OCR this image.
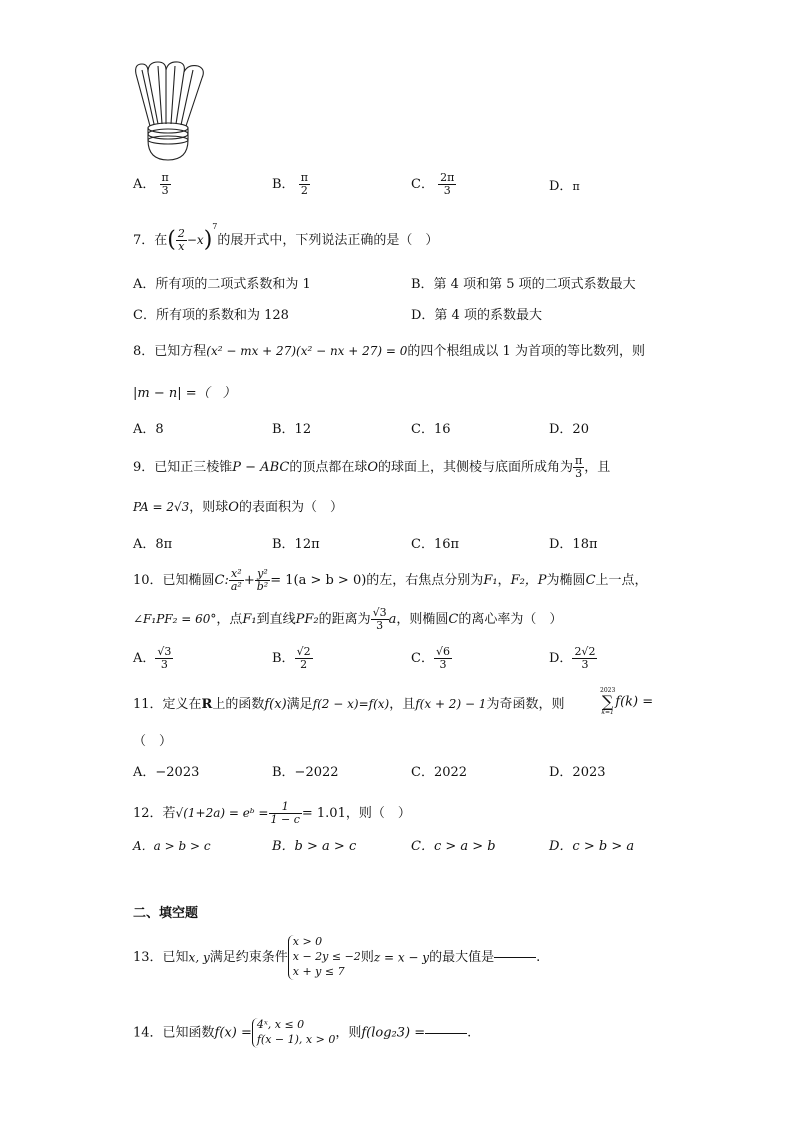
A． $\frac{\pi}{3}$	B． $\frac{\pi}{2}$	C． $\frac{2\pi}{3}$	D．π
7．在( $\frac{2}{x} -x)^7$的展开式中，下列说法正确的是（　）
A．所有项的二项式系数和为 1	B．第 4 项和第 5 项的二项式系数最大
C．所有项的系数和为 128	D．第 4 项的系数最大
8．已知方程(x² − mx + 27)(x² − nx + 27) = 0的四个根组成以 1 为首项的等比数列，则
|m − n| =（　）
A．8	B．12	C．16	D．20
9．已知正三棱锥P − ABC的顶点都在球O的球面上，其侧棱与底面所成角为 $\frac{\pi}{3}$ ，且
PA = 2√3，则球O的表面积为（　）
A．8π	B．12π	C．16π	D．18π
10．已知椭圆C: $\frac{\text{x²}}{\text{a²}} + \frac{\text{y²}}{\text{b²}} = 1(a > b > 0)$的左，右焦点分别为F₁，F₂，P为椭圆C上一点，
∠F₁PF₂ = 60°，点F₁到直线PF₂的距离为 $\frac{√3}{3}$ a，则椭圆C的离心率为（　）
A． $\frac{√3}{3}$	B． $\frac{√2}{2}$	C． $\frac{√6}{3}$	D． $\frac{2√2}{3}$
11．定义在R上的函数f(x)满足f(2 − x)=f(x)，且f(x + 2) − 1为奇函数，则
2023
∑
k=1
f(k) =
（　）
A．−2023	B．−2022	C．2022	D．2023
12．若√(1+2a) = eᵇ = $\frac{1}{1 - c} = 1.01$，则（　）
A．a > b > c	B．b > a > c	C．c > a > b	D．c > b > a
二、填空题
13．已知x, y满足约束条件
x > 0
x − 2y ≤ −2
x + y ≤ 7
则z = x − y的最大值是	.
14．已知函数f(x) =
4ˣ, x ≤ 0
f(x − 1), x > 0 ，则f(log₂3) =	.
